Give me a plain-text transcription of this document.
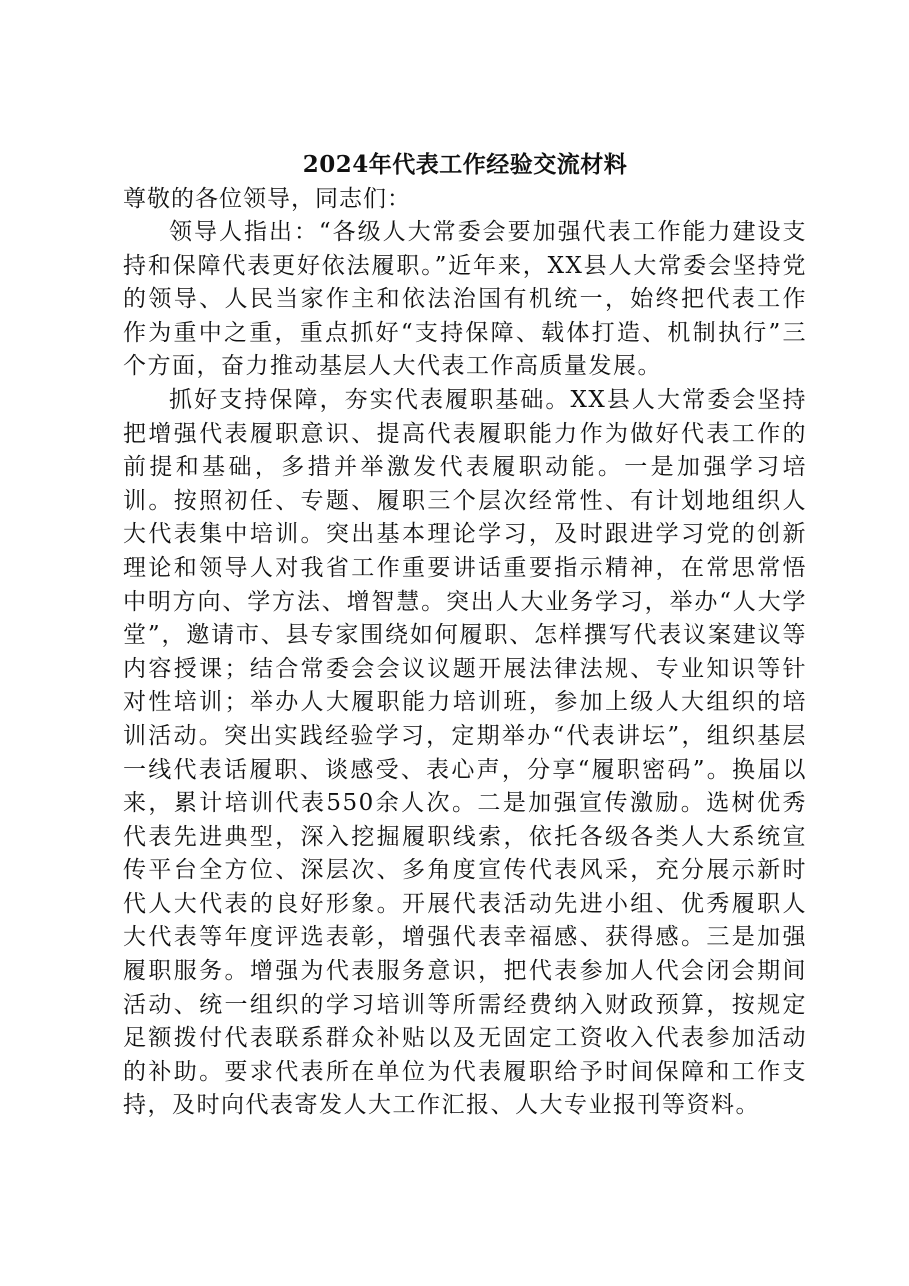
2024年代表工作经验交流材料

尊敬的各位领导，同志们：

领导人指出：“各级人大常委会要加强代表工作能力建设支持和保障代表更好依法履职。”近年来，XX县人大常委会坚持党的领导、人民当家作主和依法治国有机统一，始终把代表工作作为重中之重，重点抓好“支持保障、载体打造、机制执行”三个方面，奋力推动基层人大代表工作高质量发展。

抓好支持保障，夯实代表履职基础。XX县人大常委会坚持把增强代表履职意识、提高代表履职能力作为做好代表工作的前提和基础，多措并举激发代表履职动能。一是加强学习培训。按照初任、专题、履职三个层次经常性、有计划地组织人大代表集中培训。突出基本理论学习，及时跟进学习党的创新理论和领导人对我省工作重要讲话重要指示精神，在常思常悟中明方向、学方法、增智慧。突出人大业务学习，举办“人大学堂”，邀请市、县专家围绕如何履职、怎样撰写代表议案建议等内容授课；结合常委会会议议题开展法律法规、专业知识等针对性培训；举办人大履职能力培训班，参加上级人大组织的培训活动。突出实践经验学习，定期举办“代表讲坛”，组织基层一线代表话履职、谈感受、表心声，分享“履职密码”。换届以来，累计培训代表550余人次。二是加强宣传激励。选树优秀代表先进典型，深入挖掘履职线索，依托各级各类人大系统宣传平台全方位、深层次、多角度宣传代表风采，充分展示新时代人大代表的良好形象。开展代表活动先进小组、优秀履职人大代表等年度评选表彰，增强代表幸福感、获得感。三是加强履职服务。增强为代表服务意识，把代表参加人代会闭会期间活动、统一组织的学习培训等所需经费纳入财政预算，按规定足额拨付代表联系群众补贴以及无固定工资收入代表参加活动的补助。要求代表所在单位为代表履职给予时间保障和工作支持，及时向代表寄发人大工作汇报、人大专业报刊等资料。
